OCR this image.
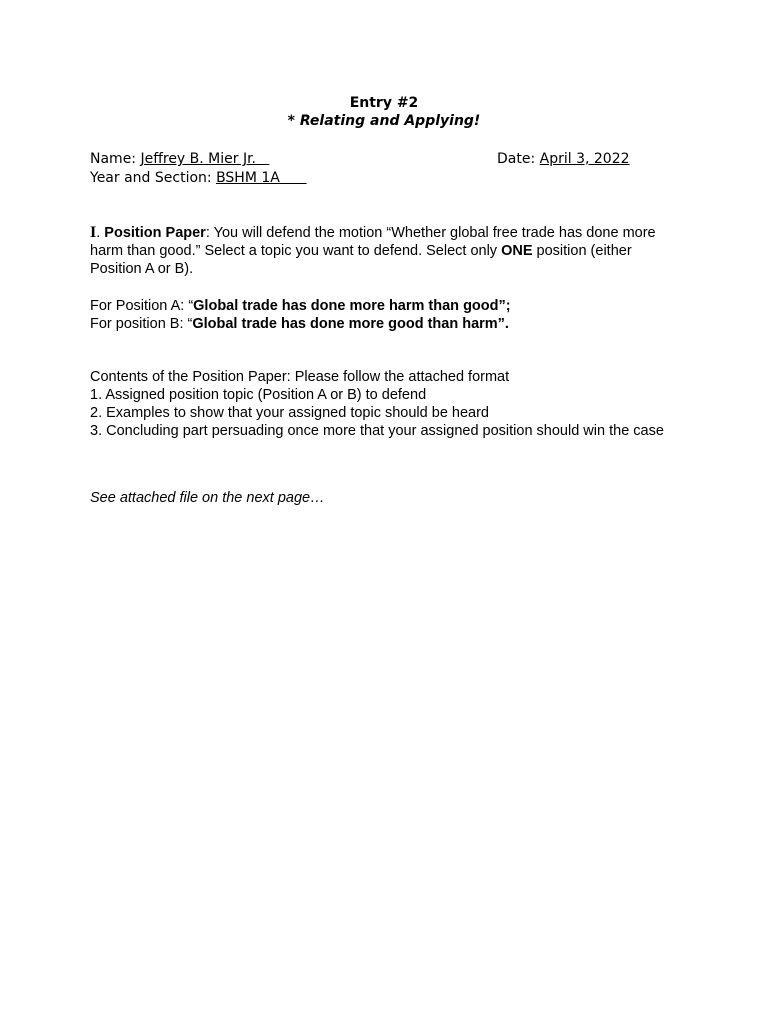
Entry #2
* Relating and Applying!
Name: Jeffrey B. Mier Jr.	Date: April 3, 2022
Year and Section: BSHM 1A
I. Position Paper: You will defend the motion “Whether global free trade has done more harm than good.” Select a topic you want to defend. Select only ONE position (either Position A or B).
For Position A: “Global trade has done more harm than good”;
For position B: “Global trade has done more good than harm”.
Contents of the Position Paper: Please follow the attached format
1. Assigned position topic (Position A or B) to defend
2. Examples to show that your assigned topic should be heard
3. Concluding part persuading once more that your assigned position should win the case
See attached file on the next page…
